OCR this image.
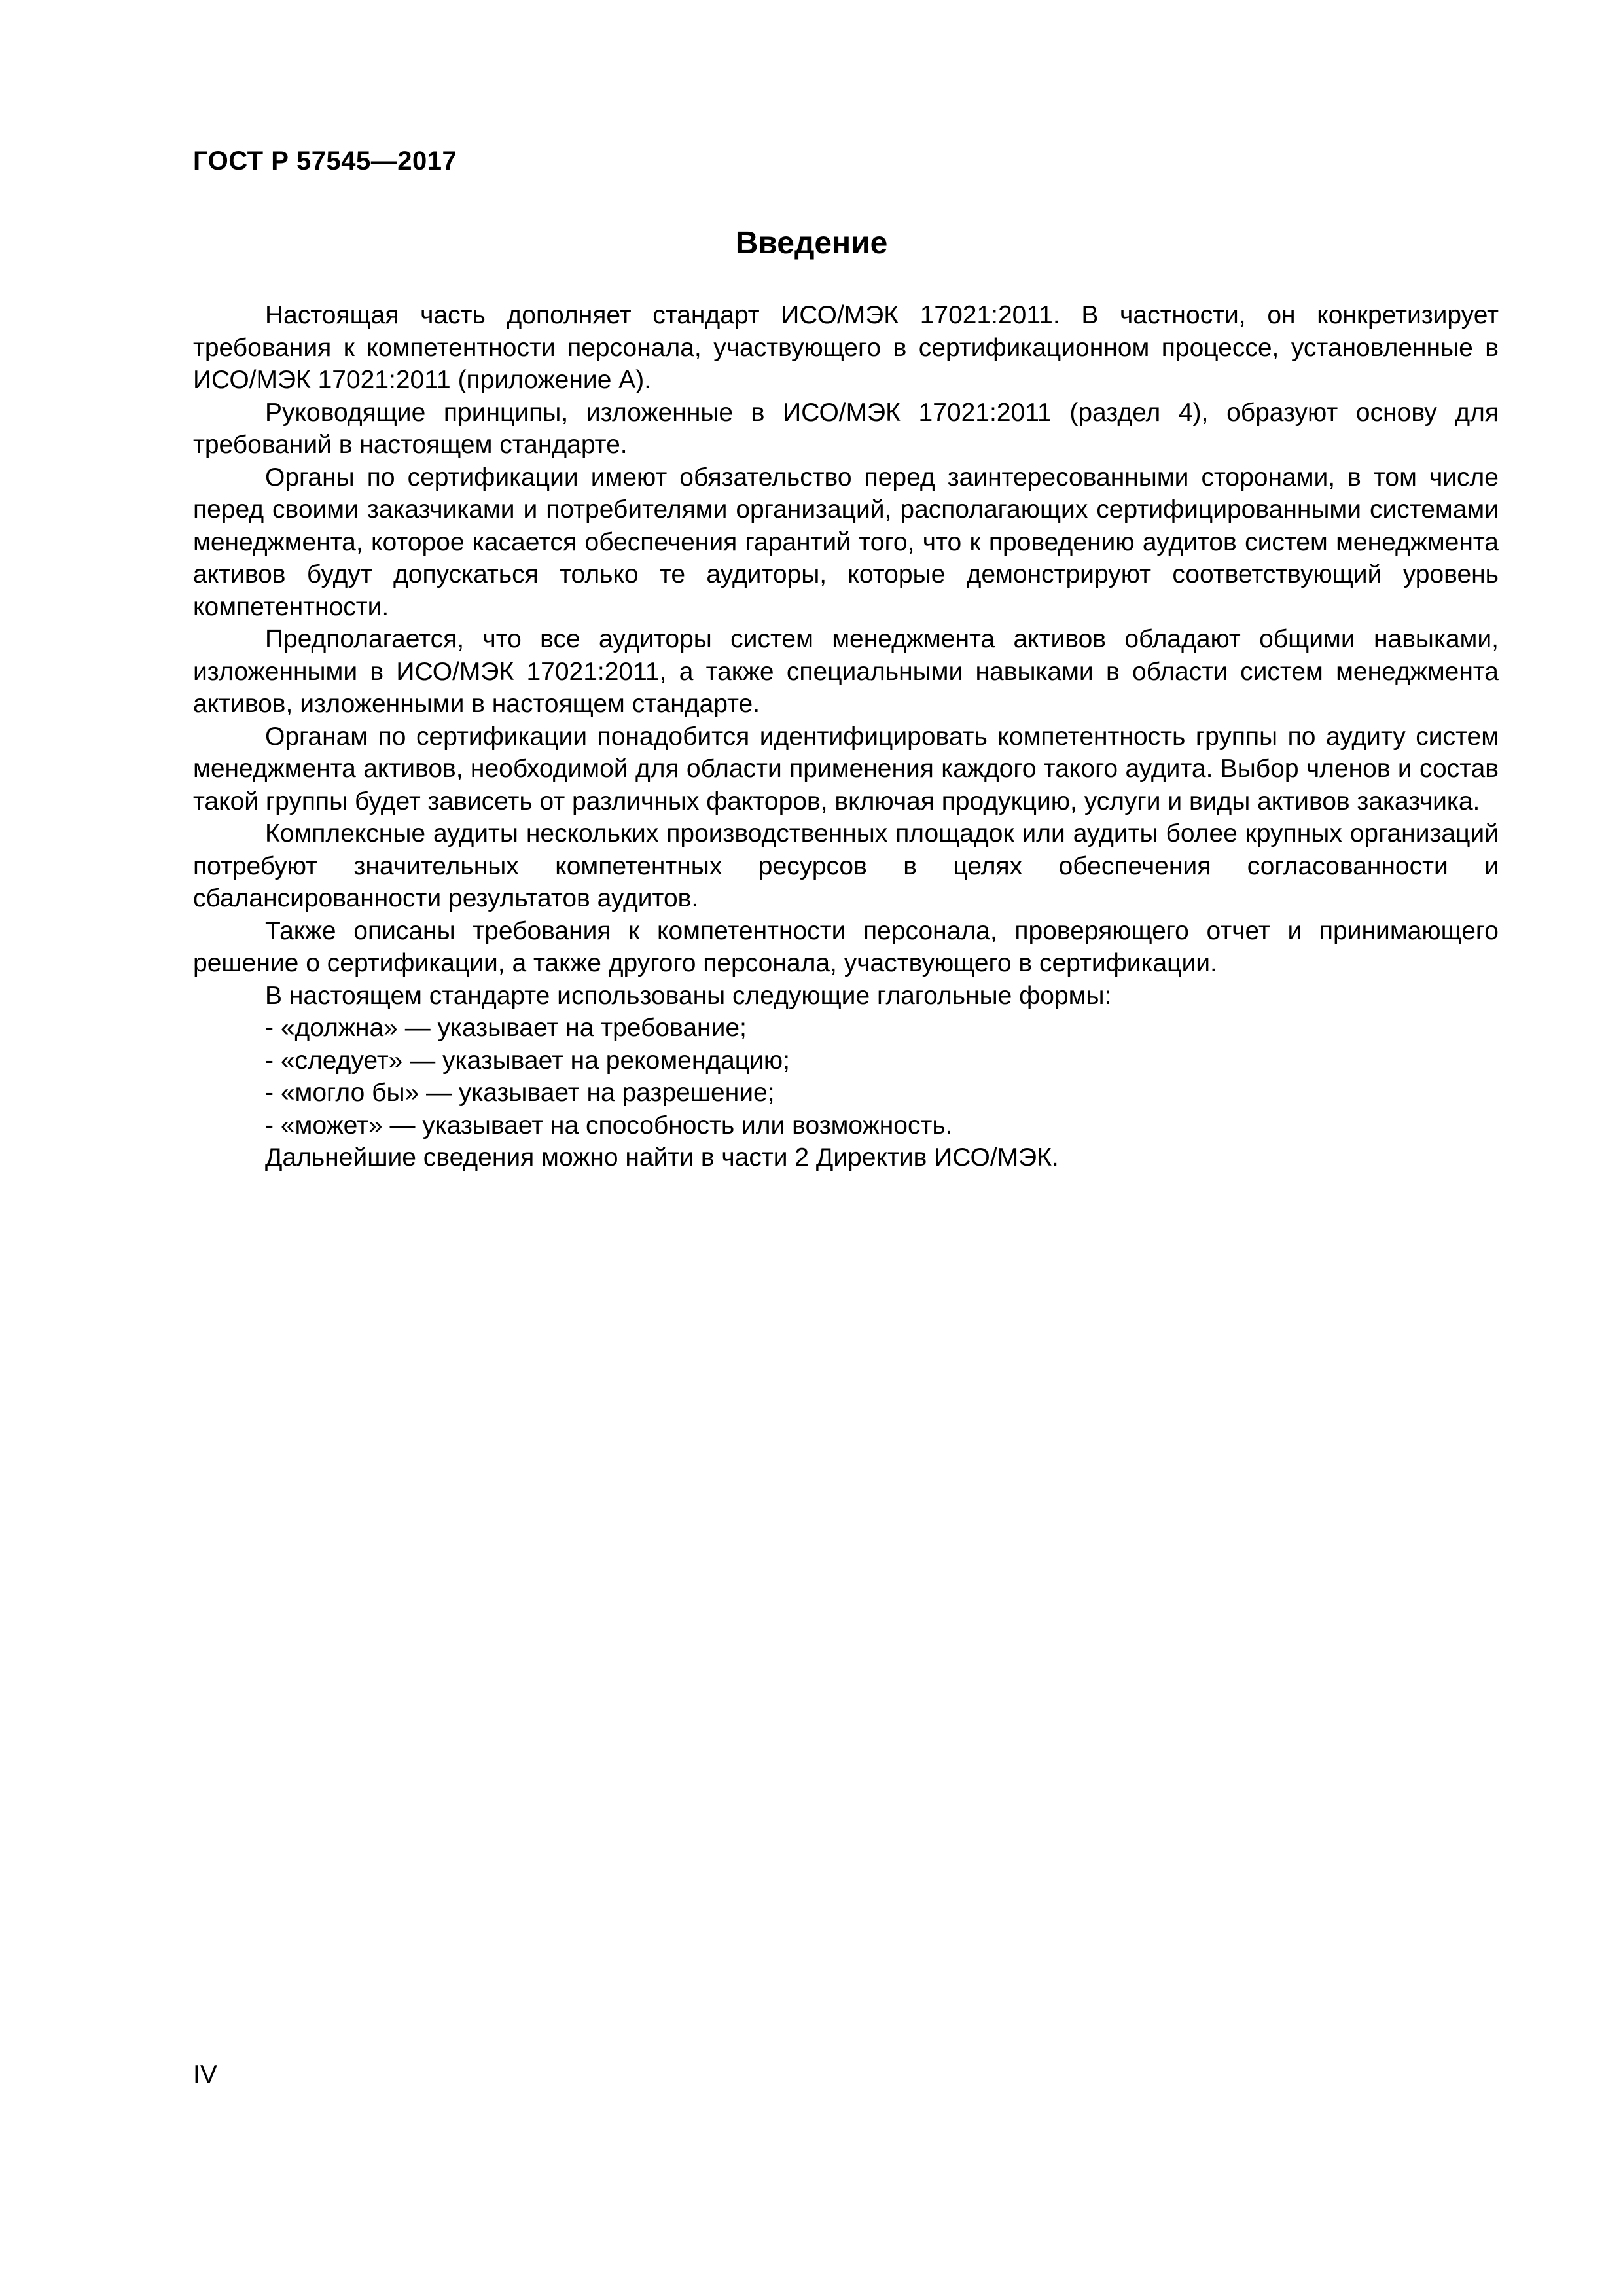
ГОСТ Р 57545—2017
Введение

Настоящая часть дополняет стандарт ИСО/МЭК 17021:2011. В частности, он конкретизирует требования к компетентности персонала, участвующего в сертификационном процессе, установленные в ИСО/МЭК 17021:2011 (приложение А).

Руководящие принципы, изложенные в ИСО/МЭК 17021:2011 (раздел 4), образуют основу для требований в настоящем стандарте.

Органы по сертификации имеют обязательство перед заинтересованными сторонами, в том числе перед своими заказчиками и потребителями организаций, располагающих сертифицированными системами менеджмента, которое касается обеспечения гарантий того, что к проведению аудитов систем менеджмента активов будут допускаться только те аудиторы, которые демонстрируют соответствующий уровень компетентности.

Предполагается, что все аудиторы систем менеджмента активов обладают общими навыками, изложенными в ИСО/МЭК 17021:2011, а также специальными навыками в области систем менеджмента активов, изложенными в настоящем стандарте.

Органам по сертификации понадобится идентифицировать компетентность группы по аудиту систем менеджмента активов, необходимой для области применения каждого такого аудита. Выбор членов и состав такой группы будет зависеть от различных факторов, включая продукцию, услуги и виды активов заказчика.

Комплексные аудиты нескольких производственных площадок или аудиты более крупных организаций потребуют значительных компетентных ресурсов в целях обеспечения согласованности и сбалансированности результатов аудитов.

Также описаны требования к компетентности персонала, проверяющего отчет и принимающего решение о сертификации, а также другого персонала, участвующего в сертификации.

В настоящем стандарте использованы следующие глагольные формы:

- «должна» — указывает на требование;

- «следует» — указывает на рекомендацию;

- «могло бы» — указывает на разрешение;

- «может» — указывает на способность или возможность.

Дальнейшие сведения можно найти в части 2 Директив ИСО/МЭК.

IV
